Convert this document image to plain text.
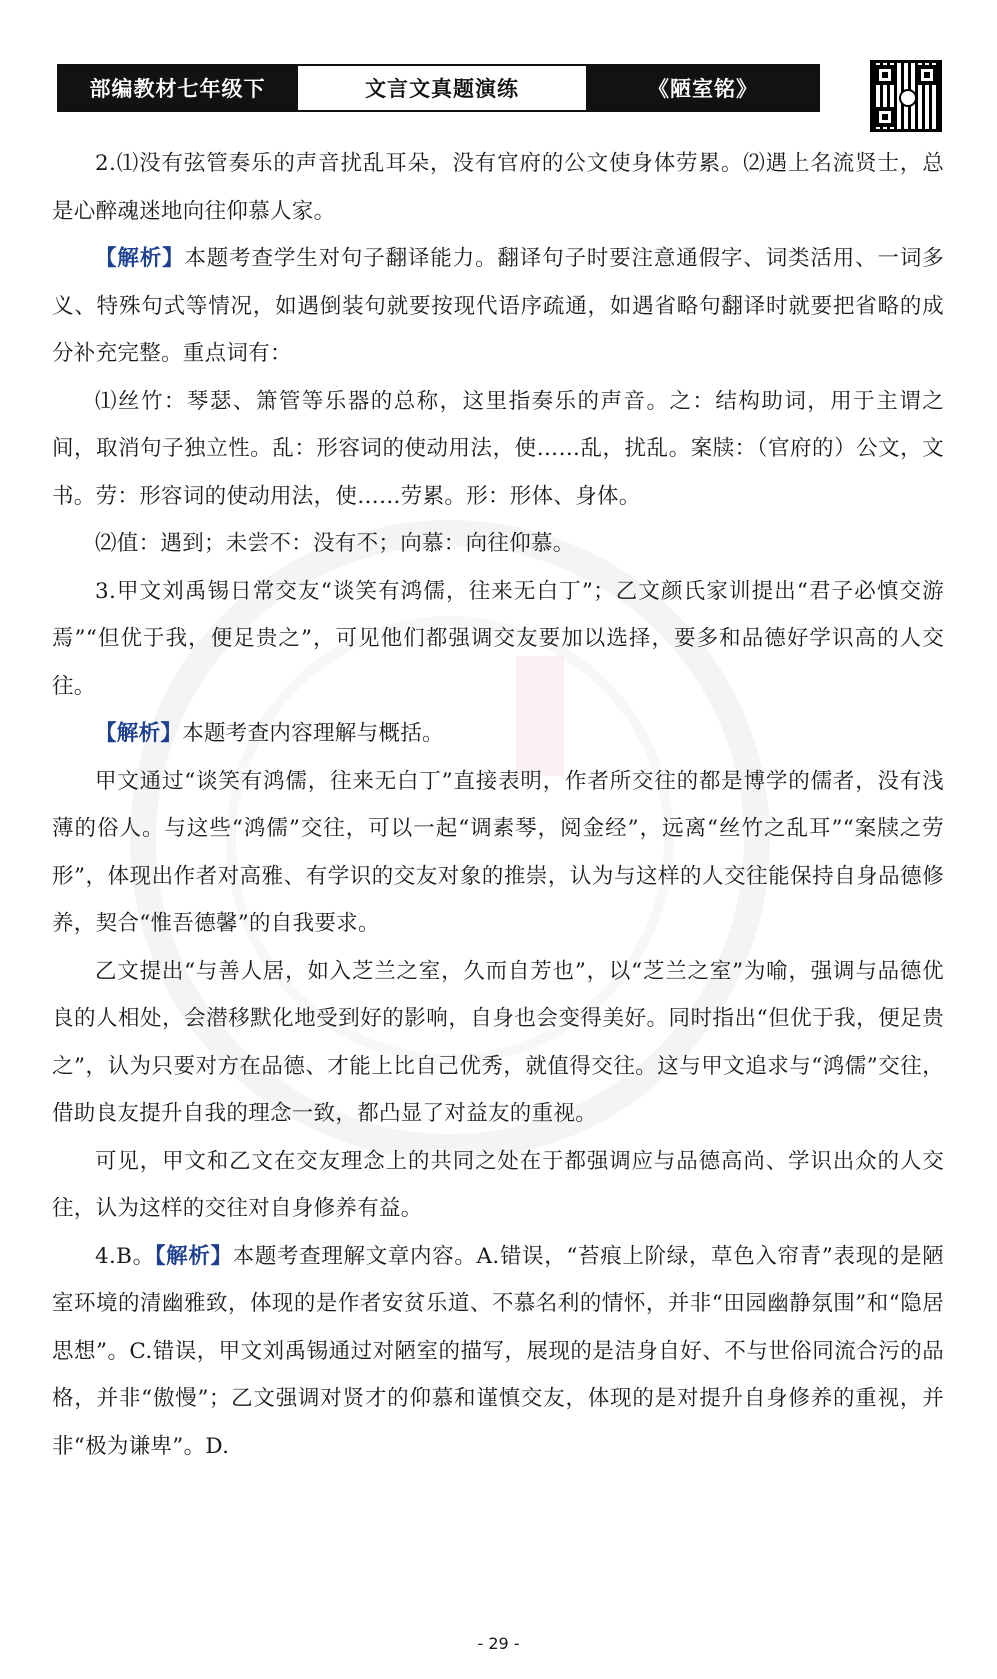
部编教材七年级下	文言文真题演练	《陋室铭》

2.⑴没有弦管奏乐的声音扰乱耳朵，没有官府的公文使身体劳累。⑵遇上名流贤士，总是心醉魂迷地向往仰慕人家。

【解析】本题考查学生对句子翻译能力。翻译句子时要注意通假字、词类活用、一词多义、特殊句式等情况，如遇倒装句就要按现代语序疏通，如遇省略句翻译时就要把省略的成分补充完整。重点词有：

⑴丝竹：琴瑟、箫管等乐器的总称，这里指奏乐的声音。之：结构助词，用于主谓之间，取消句子独立性。乱：形容词的使动用法，使……乱，扰乱。案牍：（官府的）公文，文书。劳：形容词的使动用法，使……劳累。形：形体、身体。

⑵值：遇到；未尝不：没有不；向慕：向往仰慕。

3.甲文刘禹锡日常交友“谈笑有鸿儒，往来无白丁”；乙文颜氏家训提出“君子必慎交游焉”“但优于我，便足贵之”，可见他们都强调交友要加以选择，要多和品德好学识高的人交往。

【解析】本题考查内容理解与概括。

甲文通过“谈笑有鸿儒，往来无白丁”直接表明，作者所交往的都是博学的儒者，没有浅薄的俗人。与这些“鸿儒”交往，可以一起“调素琴，阅金经”，远离“丝竹之乱耳”“案牍之劳形”，体现出作者对高雅、有学识的交友对象的推崇，认为与这样的人交往能保持自身品德修养，契合“惟吾德馨”的自我要求。

乙文提出“与善人居，如入芝兰之室，久而自芳也”，以“芝兰之室”为喻，强调与品德优良的人相处，会潜移默化地受到好的影响，自身也会变得美好。同时指出“但优于我，便足贵之”，认为只要对方在品德、才能上比自己优秀，就值得交往。这与甲文追求与“鸿儒”交往，借助良友提升自我的理念一致，都凸显了对益友的重视。

可见，甲文和乙文在交友理念上的共同之处在于都强调应与品德高尚、学识出众的人交往，认为这样的交往对自身修养有益。

4.B。【解析】本题考查理解文章内容。A.错误，“苔痕上阶绿，草色入帘青”表现的是陋室环境的清幽雅致，体现的是作者安贫乐道、不慕名利的情怀，并非“田园幽静氛围”和“隐居思想”。C.错误，甲文刘禹锡通过对陋室的描写，展现的是洁身自好、不与世俗同流合污的品格，并非“傲慢”；乙文强调对贤才的仰慕和谨慎交友，体现的是对提升自身修养的重视，并非“极为谦卑”。D.

- 29 -
